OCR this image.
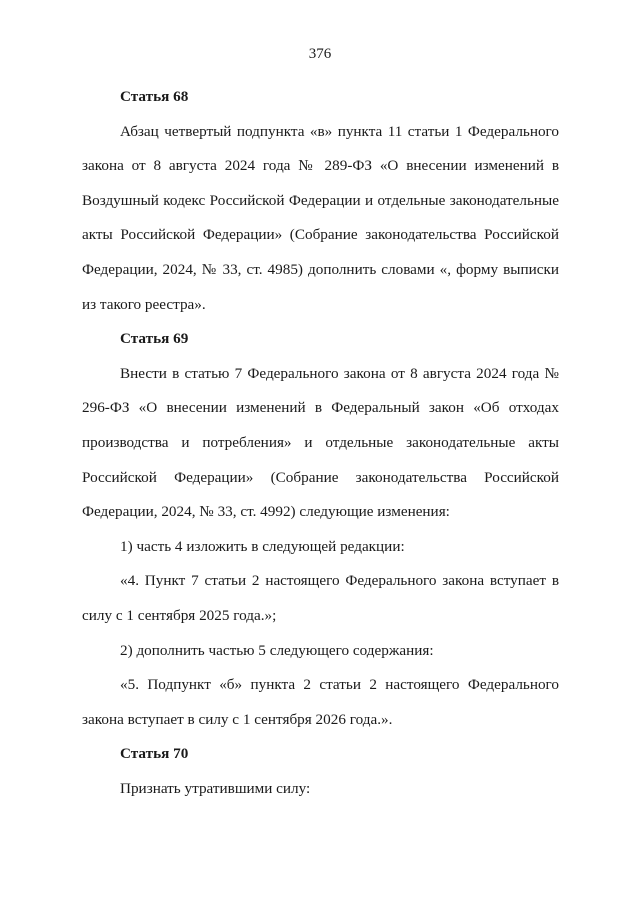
376

Статья 68

Абзац четвертый подпункта «в» пункта 11 статьи 1 Федерального закона от 8 августа 2024 года № 289-ФЗ «О внесении изменений в Воздушный кодекс Российской Федерации и отдельные законодательные акты Российской Федерации» (Собрание законодательства Российской Федерации, 2024, № 33, ст. 4985) дополнить словами «, форму выписки из такого реестра».

Статья 69

Внести в статью 7 Федерального закона от 8 августа 2024 года № 296-ФЗ «О внесении изменений в Федеральный закон «Об отходах производства и потребления» и отдельные законодательные акты Российской Федерации» (Собрание законодательства Российской Федерации, 2024, № 33, ст. 4992) следующие изменения:

1) часть 4 изложить в следующей редакции:

«4. Пункт 7 статьи 2 настоящего Федерального закона вступает в силу с 1 сентября 2025 года.»;

2) дополнить частью 5 следующего содержания:

«5. Подпункт «б» пункта 2 статьи 2 настоящего Федерального закона вступает в силу с 1 сентября 2026 года.».

Статья 70

Признать утратившими силу:
